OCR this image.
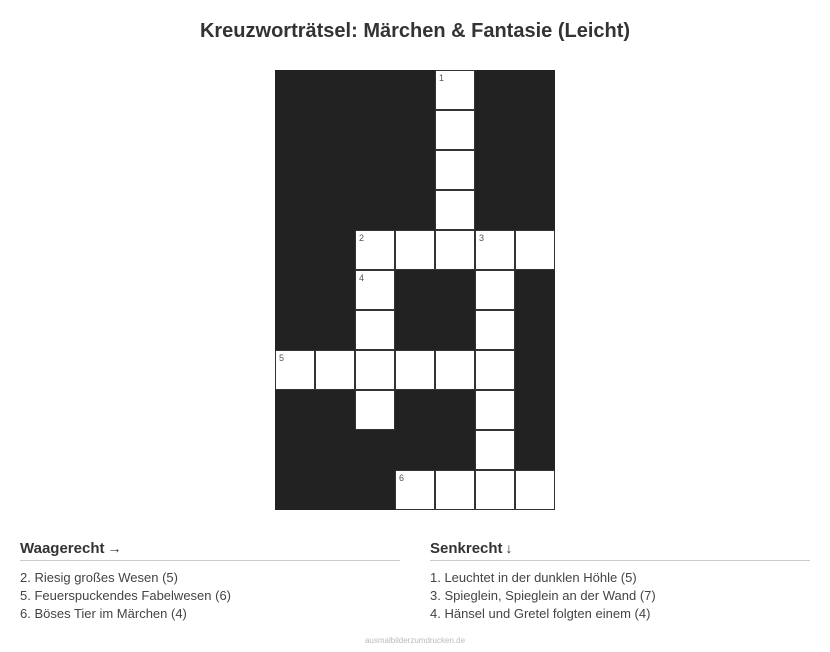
Kreuzworträtsel: Märchen & Fantasie (Leicht)
1
2	3
4
5
6
Waagerecht →
2. Riesig großes Wesen (5)
5. Feuerspuckendes Fabelwesen (6)
6. Böses Tier im Märchen (4)
Senkrecht ↓
1. Leuchtet in der dunklen Höhle (5)
3. Spieglein, Spieglein an der Wand (7)
4. Hänsel und Gretel folgten einem (4)
ausmalbilderzumdrucken.de
